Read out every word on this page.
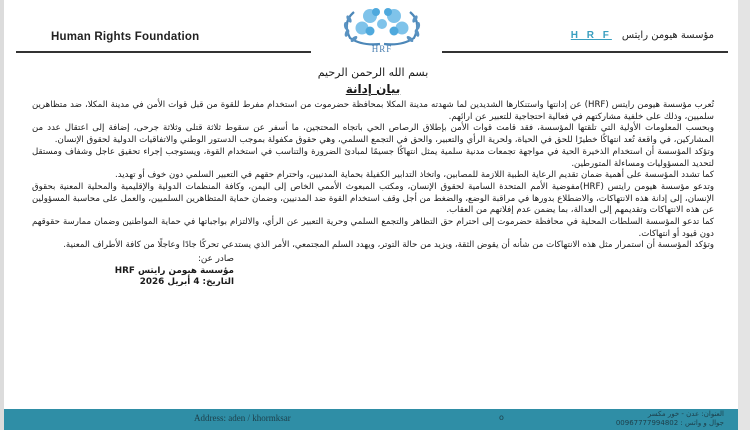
Human Rights Foundation
HRF
مؤسسة هيومن رايتس
H R F
بسم الله الرحمن الرحيم
بيان إدانة

تُعرب مؤسسة هيومن رايتس (HRF) عن إدانتها واستنكارها الشديدين لما شهدته مدينة المكلا بمحافظة حضرموت من استخدام مفرط للقوة من قبل قوات الأمن في مدينة المكلا، ضد متظاهرين سلميين، وذلك على خلفية مشاركتهم في فعالية احتجاجية للتعبير عن ارائهم.

وبحسب المعلومات الأولية التي تلقتها المؤسسة، فقد قامت قوات الأمن بإطلاق الرصاص الحي باتجاه المحتجين، ما أسفر عن سقوط ثلاثة قتلى وثلاثة جرحى، إضافة إلى اعتقال عدد من المشاركين، في واقعة تُعد انتهاكًا خطيرًا للحق في الحياة، ولحرية الرأي والتعبير، والحق في التجمع السلمي، وهي حقوق مكفولة بموجب الدستور الوطني والاتفاقيات الدولية لحقوق الإنسان.

وتؤكد المؤسسة أن استخدام الذخيرة الحية في مواجهة تجمعات مدنية سلمية يمثل انتهاكًا جسيمًا لمبادئ الضرورة والتناسب في استخدام القوة، ويستوجب إجراء تحقيق عاجل وشفاف ومستقل لتحديد المسؤوليات ومساءلة المتورطين.

كما تشدد المؤسسة على أهمية ضمان تقديم الرعاية الطبية اللازمة للمصابين، واتخاذ التدابير الكفيلة بحماية المدنيين، واحترام حقهم في التعبير السلمي دون خوف أو تهديد.

وتدعو مؤسسة هيومن رايتس (HRF)مفوضية الأمم المتحدة السامية لحقوق الإنسان، ومكتب المبعوث الأممي الخاص إلى اليمن، وكافة المنظمات الدولية والإقليمية والمحلية المعنية بحقوق الإنسان، إلى إدانة هذه الانتهاكات، والاضطلاع بدورها في مراقبة الوضع، والضغط من أجل وقف استخدام القوة ضد المدنيين، وضمان حماية المتظاهرين السلميين، والعمل على محاسبة المسؤولين عن هذه الانتهاكات وتقديمهم إلى العدالة، بما يضمن عدم إفلاتهم من العقاب.

كما تدعو المؤسسة السلطات المحلية في محافظة حضرموت إلى احترام حق التظاهر والتجمع السلمي وحرية التعبير عن الرأي، والالتزام بواجباتها في حماية المواطنين وضمان ممارسة حقوقهم دون قيود أو انتهاكات.

وتؤكد المؤسسة أن استمرار مثل هذه الانتهاكات من شأنه أن يقوض الثقة، ويزيد من حالة التوتر، ويهدد السلم المجتمعي، الأمر الذي يستدعي تحركًا جادًا وعاجلًا من كافة الأطراف المعنية.

صادر عن:
مؤسسة هيومن رايتس HRF
التاريخ: 4 أبريل 2026
Address: aden / khormksar	o	العنوان: عدن - خور مكسر
جوال و واتس : 00967777994802
